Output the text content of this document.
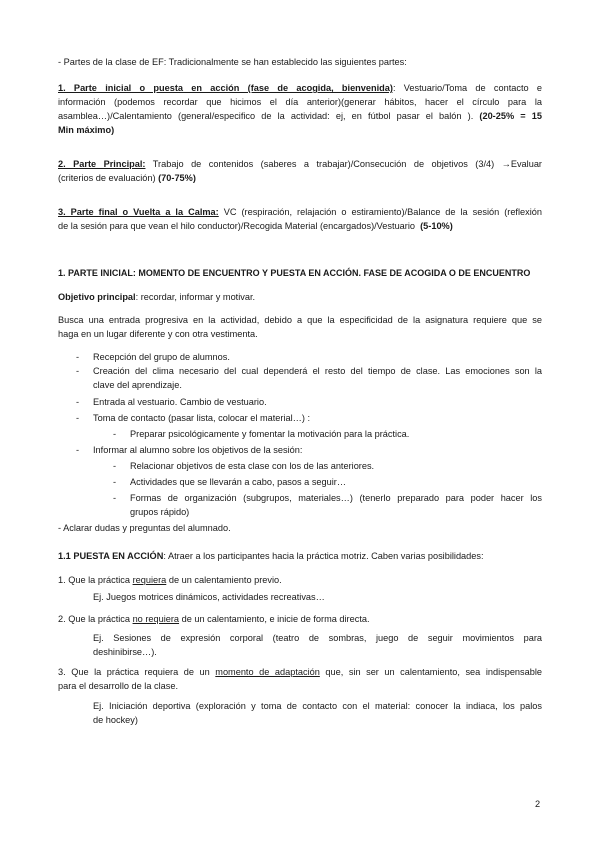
- Partes de la clase de EF: Tradicionalmente se han establecido las siguientes partes:
1. Parte inicial o puesta en acción (fase de acogida, bienvenida): Vestuario/Toma de contacto e
información (podemos recordar que hicimos el día anterior)(generar hábitos, hacer el círculo para la
asamblea…)/Calentamiento (general/especifico de la actividad: ej, en fútbol pasar el balón ). (20-25% = 15
Min máximo)
2. Parte Principal: Trabajo de contenidos (saberes a trabajar)/Consecución de objetivos (3/4) →Evaluar
(criterios de evaluación) (70-75%)
3. Parte final o Vuelta a la Calma: VC (respiración, relajación o estiramiento)/Balance de la sesión (reflexión
de la sesión para que vean el hilo conductor)/Recogida Material (encargados)/Vestuario (5-10%)
1. PARTE INICIAL: MOMENTO DE ENCUENTRO Y PUESTA EN ACCIÓN. FASE DE ACOGIDA O DE ENCUENTRO
Objetivo principal: recordar, informar y motivar.
Busca una entrada progresiva en la actividad, debido a que la especificidad de la asignatura requiere que se
haga en un lugar diferente y con otra vestimenta.
- Recepción del grupo de alumnos.
- Creación del clima necesario del cual dependerá el resto del tiempo de clase. Las emociones son la
clave del aprendizaje.
- Entrada al vestuario. Cambio de vestuario.
- Toma de contacto (pasar lista, colocar el material…) :
- Preparar psicológicamente y fomentar la motivación para la práctica.
- Informar al alumno sobre los objetivos de la sesión:
- Relacionar objetivos de esta clase con los de las anteriores.
- Actividades que se llevarán a cabo, pasos a seguir…
- Formas de organización (subgrupos, materiales…) (tenerlo preparado para poder hacer los
grupos rápido)
- Aclarar dudas y preguntas del alumnado.
1.1 PUESTA EN ACCIÓN: Atraer a los participantes hacia la práctica motriz. Caben varias posibilidades:
1. Que la práctica requiera de un calentamiento previo.
Ej. Juegos motrices dinámicos, actividades recreativas…
2. Que la práctica no requiera de un calentamiento, e inicie de forma directa.
Ej. Sesiones de expresión corporal (teatro de sombras, juego de seguir movimientos para
deshinibirse…).
3. Que la práctica requiera de un momento de adaptación que, sin ser un calentamiento, sea indispensable
para el desarrollo de la clase.
Ej. Iniciación deportiva (exploración y toma de contacto con el material: conocer la indiaca, los palos
de hockey)
2
